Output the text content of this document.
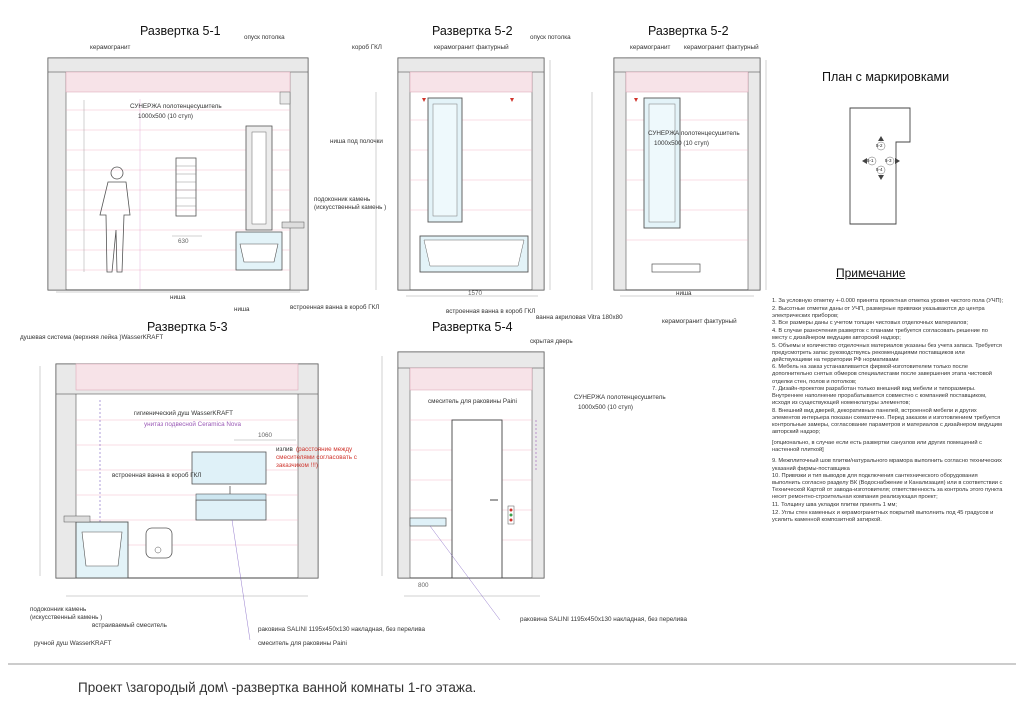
Развертка 5-1	Развертка 5-2	Развертка 5-2
Развертка 5-3	Развертка 5-4
План с маркировками
керамогранит
опуск потолка
СУНЕРЖА полотенцесушитель
1000х500 (10 ступ)
подоконник камень
(искусственный камень )
ниша
ниша	встроенная ванна в короб ГКЛ
630
короб ГКЛ	керамогранит фактурный
опуск потолка
ниша под полочки
встроенная ванна в короб ГКЛ
ванна акриловая Vitra 180х80
1570
керамогранит керамогранит фактурный
СУНЕРЖА полотенцесушитель
1000х500 (10 ступ)
ниша
керамогранит фактурный
5-2
5-1	5-3
5-4
Примечание

1. За условную отметку +-0.000 принята проектная отметка уровня чистого пола (УЧП);

2. Высотные отметки даны от УЧП, размерные привязки указываются до центра электрических приборов;

3. Все размеры даны с учетом толщин чистовых отделочных материалов;

4. В случае разночтения разверток с планами требуется согласовать решение по месту с дизайнером ведущим авторский надзор;

5. Объемы и количество отделочных материалов указаны без учета запаса. Требуется предусмотреть запас руководствуясь рекомендациями поставщиков или действующими на территории РФ нормативами

6. Мебель на заказ устанавливается фирмой-изготовителем только после дополнительно снятых обмеров специалистами после завершения этапа чистовой отделки стен, полов и потолков;

7. Дизайн-проектом разработан только внешний вид мебели и типоразмеры. Внутреннее наполнение прорабатывается совместно с компанией поставщиком, исходя из существующей номенклатуры элементов;

8. Внешний вид дверей, декоративных панелей, встроенной мебели и других элементов интерьера показан схематично. Перед заказом и изготовлением требуется контрольные замеры, согласование параметров и материалов с дизайнером ведущим авторский надзор;

[опционально, в случае если есть развертки санузлов или других помещений с настенной плиткой]

9. Межплиточный шов плитки/натурального мрамора выполнить согласно технических указаний фирмы-поставщика

10. Привязки и тип выводов для подключения сантехнического оборудования выполнить согласно разделу ВК (Водоснабжение и Канализация) или в соответствии с Технической Картой от завода-изготовителя; ответственность за контроль этого пункта несет ремонтно-строительная компания реализующая проект;

11. Толщину шва укладки плитки принять 1 мм;

12. Углы стен каменных и керамогранитных покрытий выполнить под 45 градусов и усилить каменной композитной затиркой.

душевая система (верхняя лейка )WasserKRAFT
гигиенический душ WasserKRAFT
унитаз подвесной Ceramica Nova
встроенная ванна в короб ГКЛ
подоконник камень
(искусственный камень )
встраиваемый смеситель
ручной душ WasserKRAFT
раковина SALINI 1195х450х130 накладная, без перелива
смеситель для раковины Paini
излив (расстояние между
смесителями согласовать с
заказчиком !!!)
1060
скрытая дверь
смеситель для раковины Paini
СУНЕРЖА полотенцесушитель
1000х500 (10 ступ)
раковина SALINI 1195х450х130 накладная, без перелива
800
Проект \загородый дом\ -развертка ванной комнаты 1-го этажа.
